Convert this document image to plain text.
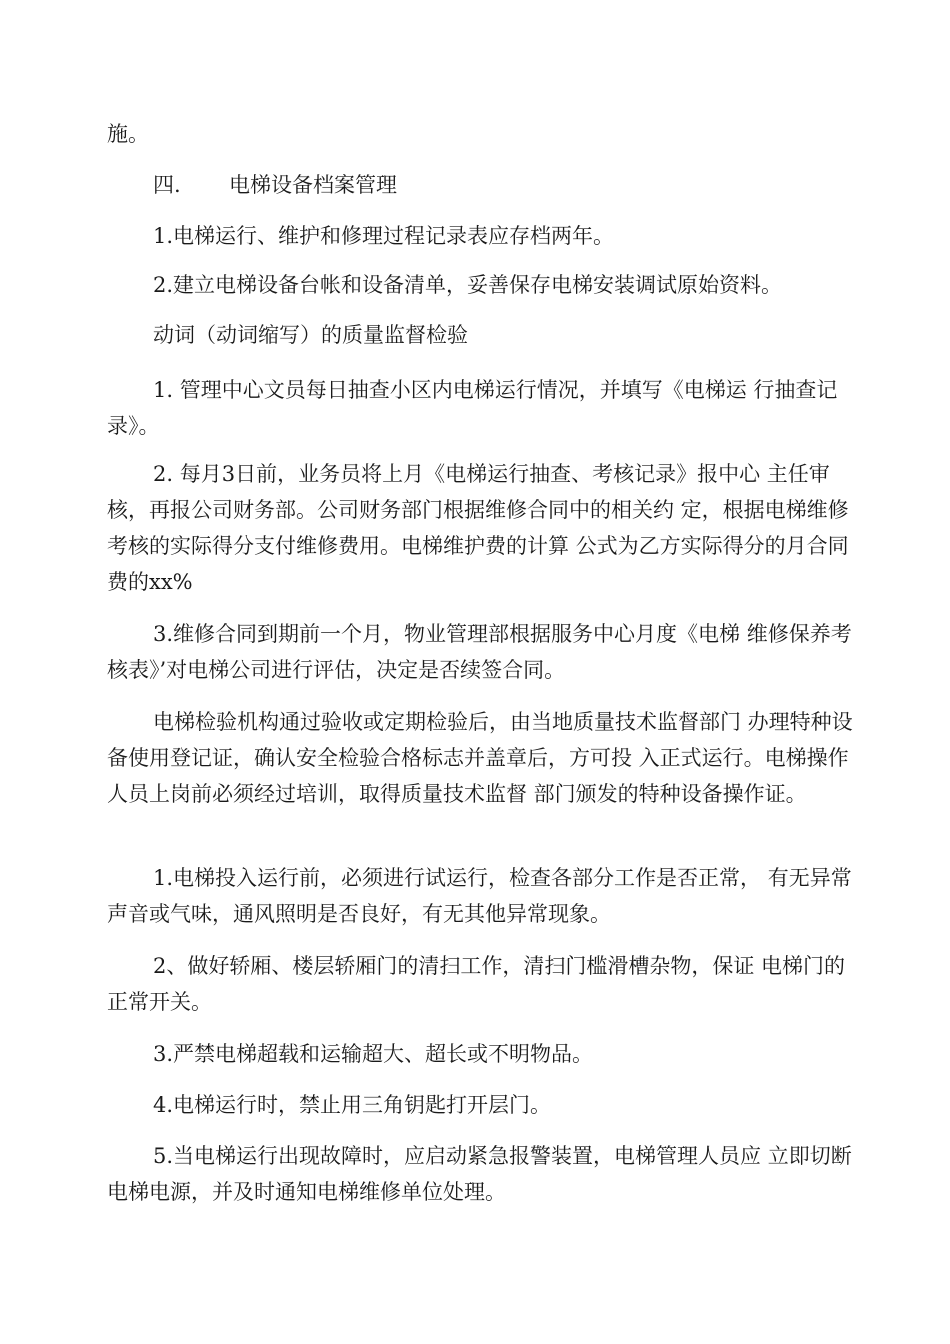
施。

四. 电梯设备档案管理

1.电梯运行、维护和修理过程记录表应存档两年。

2.建立电梯设备台帐和设备清单，妥善保存电梯安装调试原始资料。

动词（动词缩写）的质量监督检验

1. 管理中心文员每日抽查小区内电梯运行情况，并填写《电梯运 行抽查记录》。

2. 每月3日前，业务员将上月《电梯运行抽查、考核记录》报中心 主任审核，再报公司财务部。公司财务部门根据维修合同中的相关约 定，根据电梯维修考核的实际得分支付维修费用。电梯维护费的计算 公式为乙方实际得分的月合同费的xx%

3.维修合同到期前一个月，物业管理部根据服务中心月度《电梯 维修保养考核表》’对电梯公司进行评估，决定是否续签合同。

电梯检验机构通过验收或定期检验后，由当地质量技术监督部门 办理特种设备使用登记证，确认安全检验合格标志并盖章后，方可投 入正式运行。电梯操作人员上岗前必须经过培训，取得质量技术监督 部门颁发的特种设备操作证。

1.电梯投入运行前，必须进行试运行，检查各部分工作是否正常， 有无异常声音或气味，通风照明是否良好，有无其他异常现象。

2、做好轿厢、楼层轿厢门的清扫工作，清扫门槛滑槽杂物，保证 电梯门的正常开关。

3.严禁电梯超载和运输超大、超长或不明物品。

4.电梯运行时，禁止用三角钥匙打开层门。

5.当电梯运行出现故障时，应启动紧急报警装置，电梯管理人员应 立即切断电梯电源，并及时通知电梯维修单位处理。
